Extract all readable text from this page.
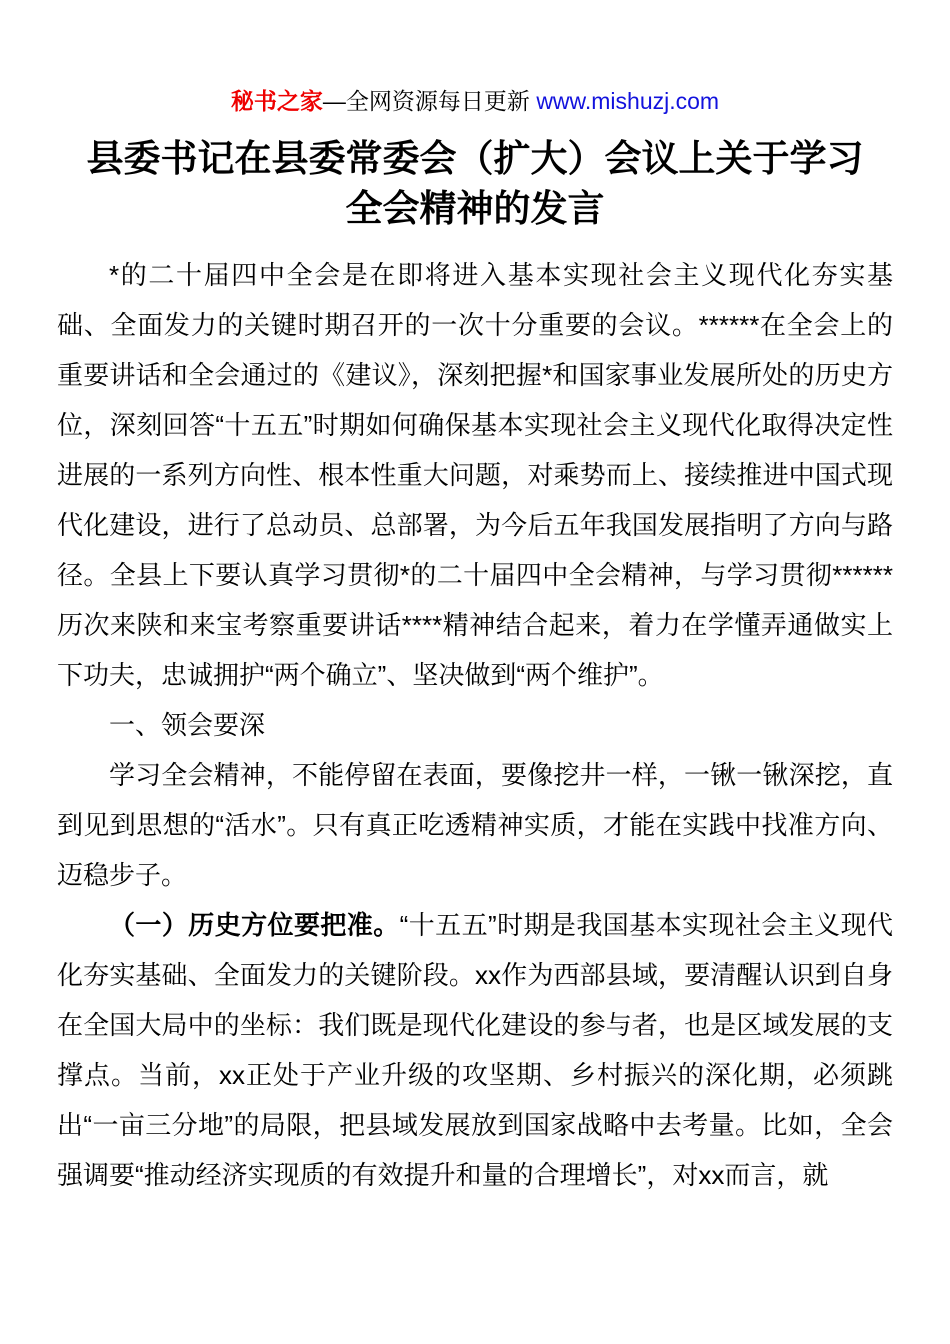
秘书之家—全网资源每日更新 www.mishuzj.com
县委书记在县委常委会（扩大）会议上关于学习全会精神的发言

*的二十届四中全会是在即将进入基本实现社会主义现代化夯实基础、全面发力的关键时期召开的一次十分重要的会议。******在全会上的重要讲话和全会通过的《建议》，深刻把握*和国家事业发展所处的历史方位，深刻回答“十五五”时期如何确保基本实现社会主义现代化取得决定性进展的一系列方向性、根本性重大问题，对乘势而上、接续推进中国式现代化建设，进行了总动员、总部署，为今后五年我国发展指明了方向与路径。全县上下要认真学习贯彻*的二十届四中全会精神，与学习贯彻******历次来陕和来宝考察重要讲话****精神结合起来，着力在学懂弄通做实上下功夫，忠诚拥护“两个确立”、坚决做到“两个维护”。

一、领会要深

学习全会精神，不能停留在表面，要像挖井一样，一锹一锹深挖，直到见到思想的“活水”。只有真正吃透精神实质，才能在实践中找准方向、迈稳步子。

（一）历史方位要把准。“十五五”时期是我国基本实现社会主义现代化夯实基础、全面发力的关键阶段。xx作为西部县域，要清醒认识到自身在全国大局中的坐标：我们既是现代化建设的参与者，也是区域发展的支撑点。当前，xx正处于产业升级的攻坚期、乡村振兴的深化期，必须跳出“一亩三分地”的局限，把县域发展放到国家战略中去考量。比如，全会强调要“推动经济实现质的有效提升和量的合理增长”，对xx而言，就
